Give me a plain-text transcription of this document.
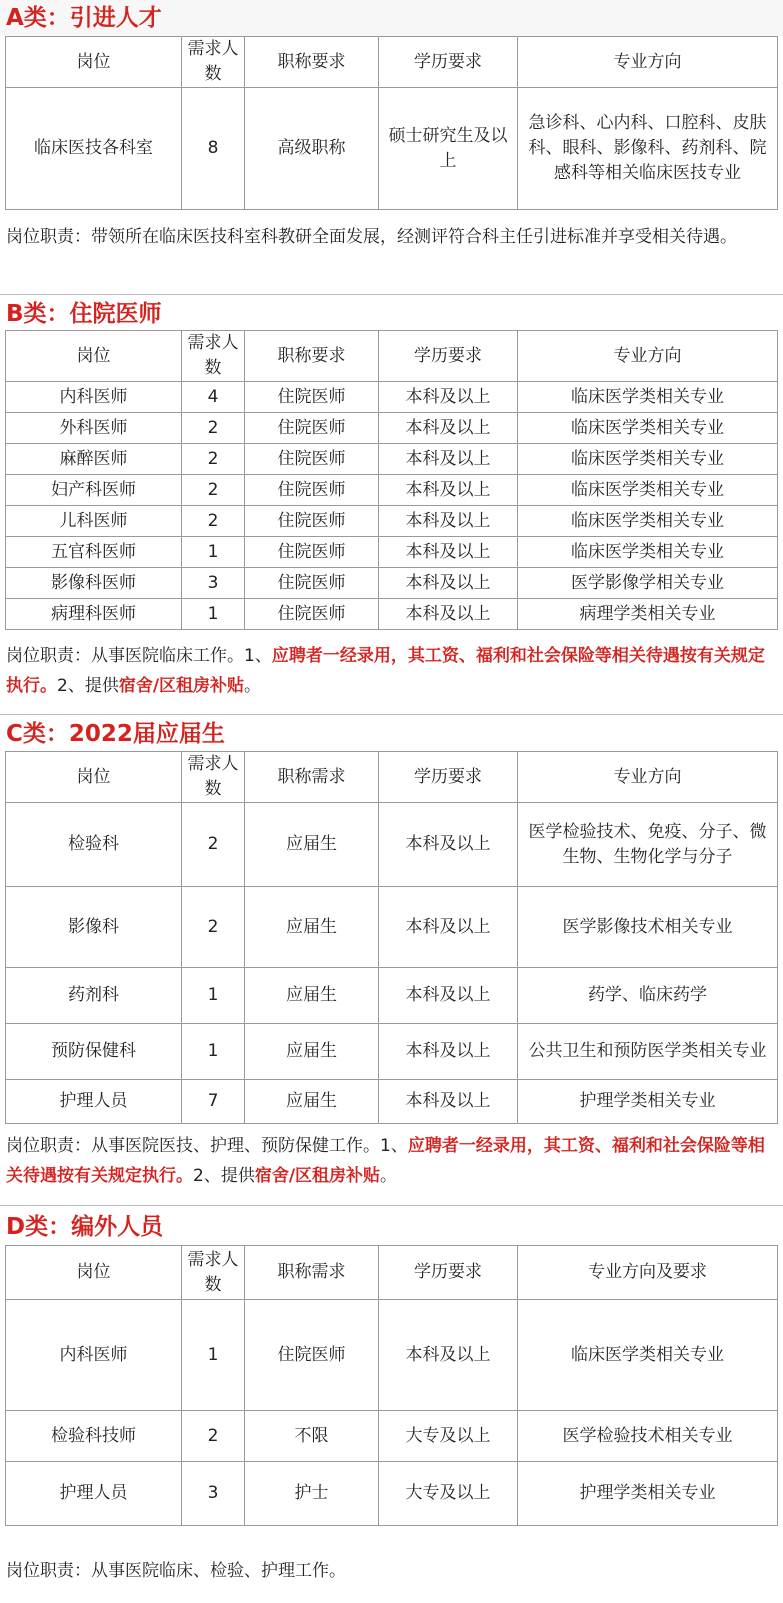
A类：引进人才
岗位	需求人数	职称要求	学历要求	专业方向
临床医技各科室	8	高级职称	硕士研究生及以上	急诊科、心内科、口腔科、皮肤科、眼科、影像科、药剂科、院感科等相关临床医技专业
岗位职责：带领所在临床医技科室科教研全面发展，经测评符合科主任引进标准并享受相关待遇。
B类：住院医师
岗位	需求人数	职称要求	学历要求	专业方向
内科医师	4	住院医师	本科及以上	临床医学类相关专业
外科医师	2	住院医师	本科及以上	临床医学类相关专业
麻醉医师	2	住院医师	本科及以上	临床医学类相关专业
妇产科医师	2	住院医师	本科及以上	临床医学类相关专业
儿科医师	2	住院医师	本科及以上	临床医学类相关专业
五官科医师	1	住院医师	本科及以上	临床医学类相关专业
影像科医师	3	住院医师	本科及以上	医学影像学相关专业
病理科医师	1	住院医师	本科及以上	病理学类相关专业
岗位职责：从事医院临床工作。1、应聘者一经录用，其工资、福利和社会保险等相关待遇按有关规定执行。2、提供宿舍/区租房补贴。
C类：2022届应届生
岗位	需求人数	职称需求	学历要求	专业方向
检验科	2	应届生	本科及以上	医学检验技术、免疫、分子、微生物、生物化学与分子
影像科	2	应届生	本科及以上	医学影像技术相关专业
药剂科	1	应届生	本科及以上	药学、临床药学
预防保健科	1	应届生	本科及以上	公共卫生和预防医学类相关专业
护理人员	7	应届生	本科及以上	护理学类相关专业
岗位职责：从事医院医技、护理、预防保健工作。1、应聘者一经录用，其工资、福利和社会保险等相关待遇按有关规定执行。2、提供宿舍/区租房补贴。
D类：编外人员
岗位	需求人数	职称需求	学历要求	专业方向及要求
内科医师	1	住院医师	本科及以上	临床医学类相关专业
检验科技师	2	不限	大专及以上	医学检验技术相关专业
护理人员	3	护士	大专及以上	护理学类相关专业
岗位职责：从事医院临床、检验、护理工作。
